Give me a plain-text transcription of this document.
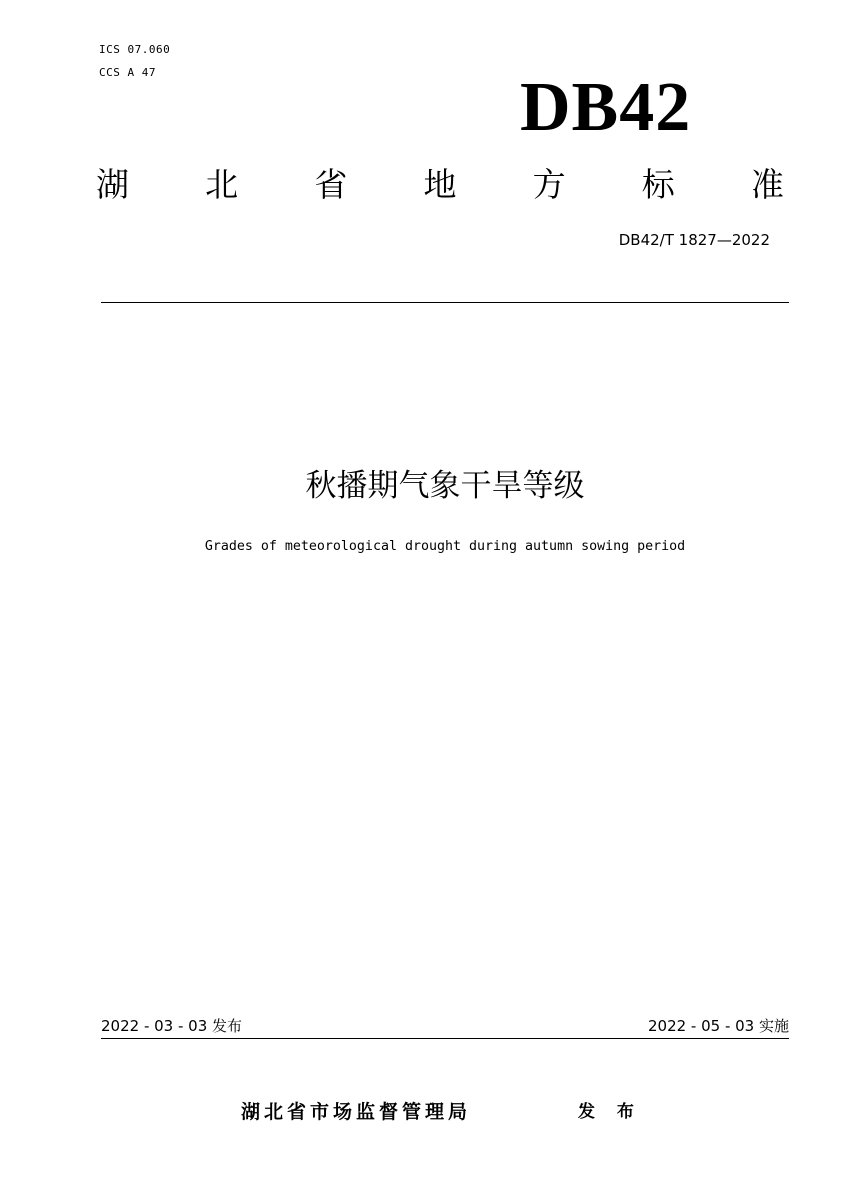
ICS 07.060
CCS A 47	DB42
湖 北 省 地 方 标 准
DB42/T 1827—2022
秋播期气象干旱等级
Grades of meteorological drought during autumn sowing period
2022 - 03 - 03 发布	2022 - 05 - 03 实施
湖北省市场监督管理局	发 布
